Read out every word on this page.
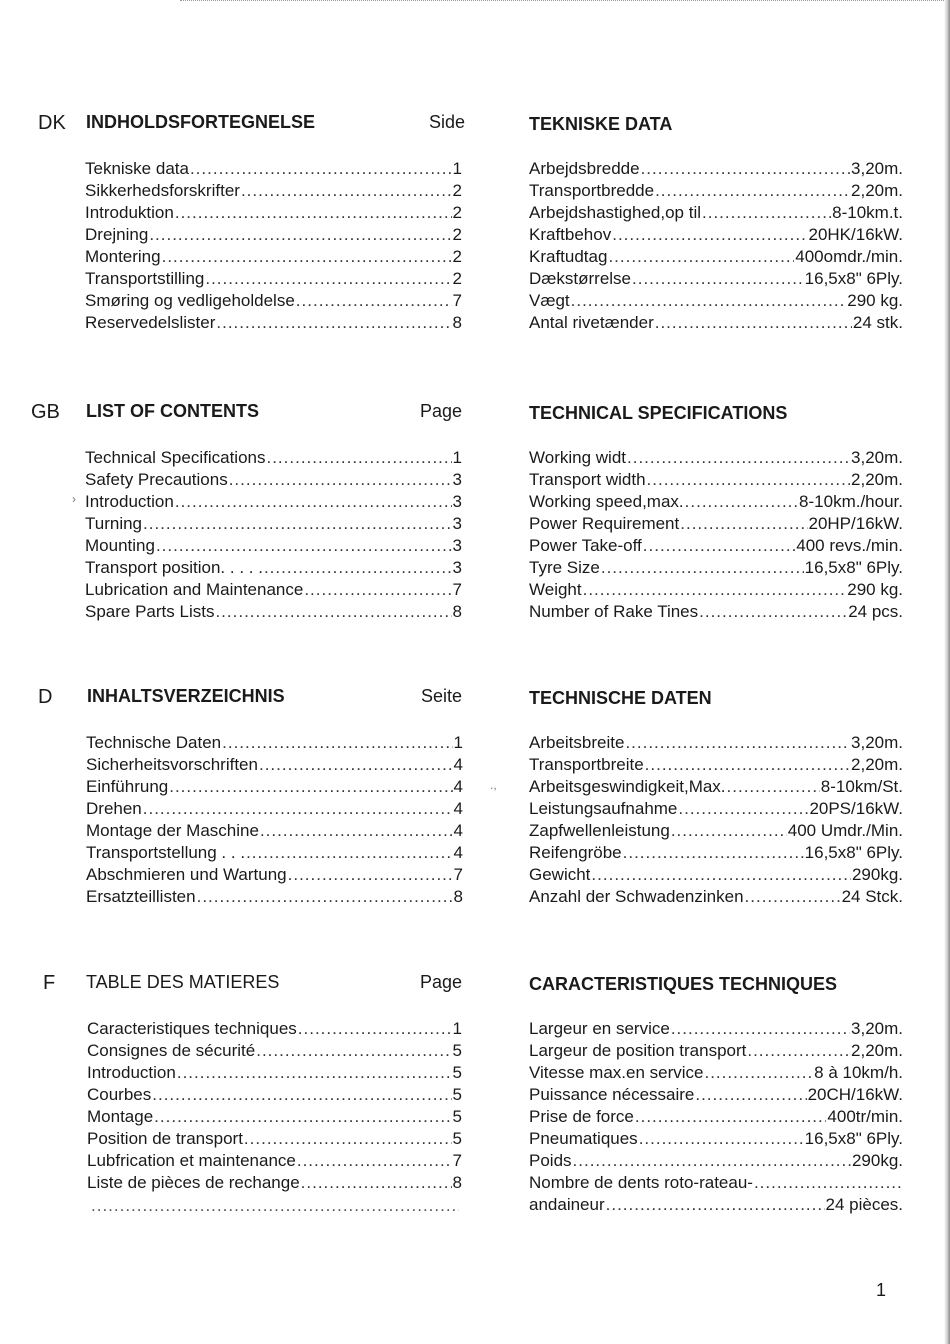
DK INDHOLDSFORTEGNELSE	Side	TEKNISKE DATA
Tekniske data .....	1
Sikkerhedsforskrifter .....	2
Introduktion .....	2
Drejning .....	2
Montering .....	2
Transportstilling .....	2
Smøring og vedligeholdelse .....	7
Reservedelslister .....	8
Arbejdsbredde .....	3,20m.
Transportbredde .....	2,20m.
Arbejdshastighed,op til .....	8-10km.t.
Kraftbehov .....	20HK/16kW.
Kraftudtag .....	400omdr./min.
Dækstørrelse .....	16,5x8" 6Ply.
Vægt .....	290 kg.
Antal rivetænder .....	24 stk.
GB LIST OF CONTENTS	Page	TECHNICAL SPECIFICATIONS
Technical Specifications .....	1
Safety Precautions .....	3
Introduction .....	3
Turning .....	3
Mounting .....	3
Transport position. . . . . .....	3
Lubrication and Maintenance .....	7
Spare Parts Lists .....	8
Working widt .....	3,20m.
Transport width .....	2,20m.
Working speed,max. .....	8-10km./hour.
Power Requirement .....	20HP/16kW.
Power Take-off .....	400 revs./min.
Tyre Size .....	16,5x8" 6Ply.
Weight .....	290 kg.
Number of Rake Tines .....	24 pcs.
›
D INHALTSVERZEICHNIS	Seite	TECHNISCHE DATEN
Technische Daten .....	1
Sicherheitsvorschriften .....	4
Einführung .....	4
Drehen .....	4
Montage der Maschine .....	4
Transportstellung . . . .....	4
Abschmieren und Wartung .....	7
Ersatzteillisten .....	8
Arbeitsbreite .....	3,20m.
Transportbreite .....	2,20m.
Arbeitsgeswindigkeit,Max. .....	8-10km/St.
Leistungsaufnahme .....	20PS/16kW.
Zapfwellenleistung .....	400 Umdr./Min.
Reifengröbe .....	16,5x8" 6Ply.
Gewicht .....	290kg.
Anzahl der Schwadenzinken .....	24 Stck.
.,
F TABLE DES MATIERES	Page	CARACTERISTIQUES TECHNIQUES
Caracteristiques techniques .....	1
Consignes de sécurité .....	5
Introduction .....	5
Courbes .....	5
Montage .....	5
Position de transport .....	5
Lubfrication et maintenance .....	7
Liste de pièces de rechange .....	8
.....
Largeur en service .....	3,20m.
Largeur de position transport .....	2,20m.
Vitesse max.en service .....	8 à 10km/h.
Puissance nécessaire .....	20CH/16kW.
Prise de force .....	400tr/min.
Pneumatiques .....	16,5x8" 6Ply.
Poids .....	290kg.
Nombre de dents roto-rateau-
.....
andaineur .....	24 pièces.
1
